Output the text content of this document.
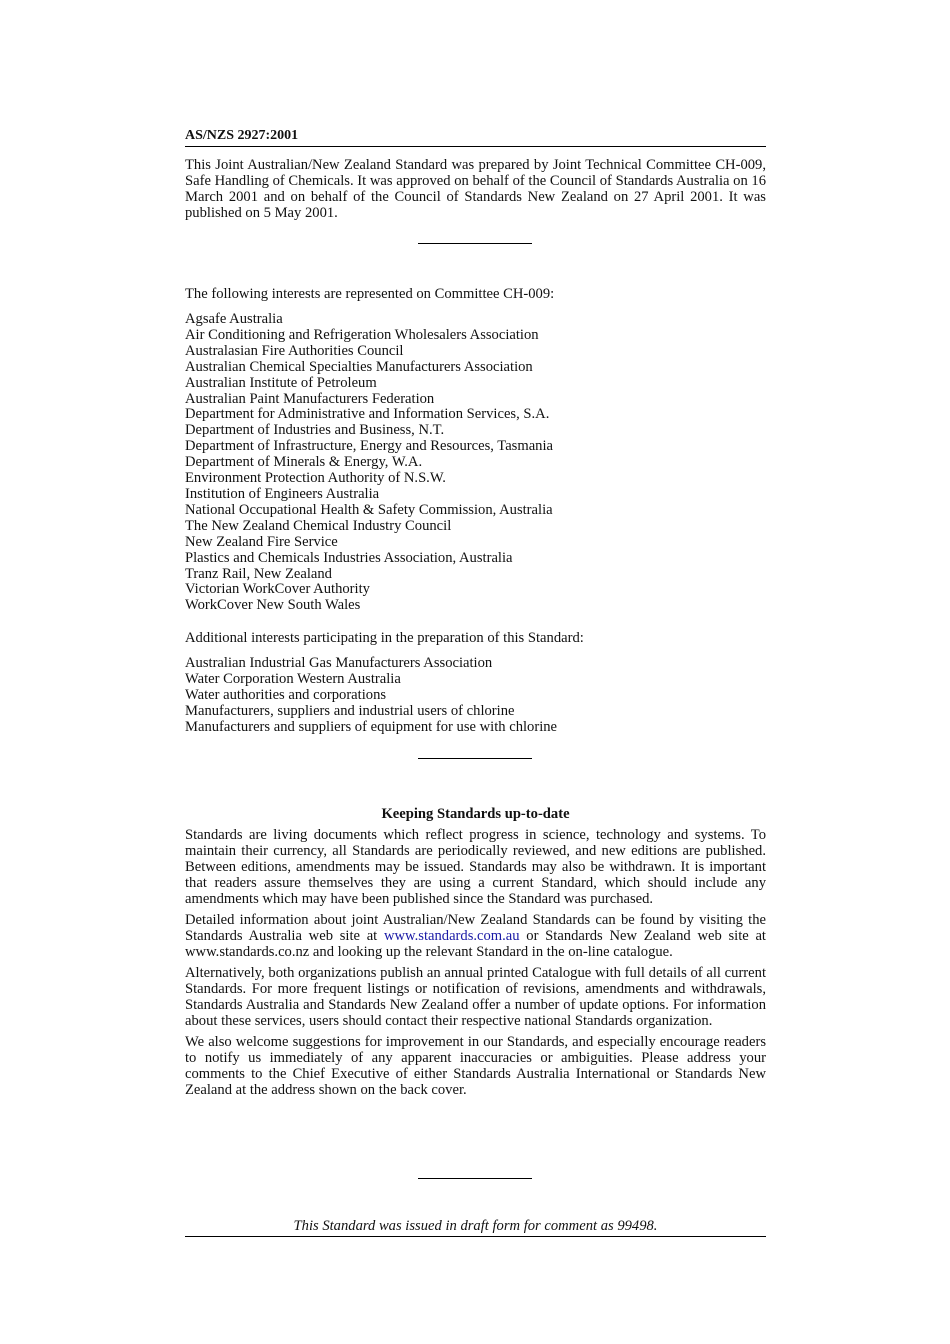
AS/NZS 2927:2001

This Joint Australian/New Zealand Standard was prepared by Joint Technical Committee CH-009, Safe Handling of Chemicals. It was approved on behalf of the Council of Standards Australia on 16 March 2001 and on behalf of the Council of Standards New Zealand on 27 April 2001. It was published on 5 May 2001.

The following interests are represented on Committee CH-009:
Agsafe Australia
Air Conditioning and Refrigeration Wholesalers Association
Australasian Fire Authorities Council
Australian Chemical Specialties Manufacturers Association
Australian Institute of Petroleum
Australian Paint Manufacturers Federation
Department for Administrative and Information Services, S.A.
Department of Industries and Business, N.T.
Department of Infrastructure, Energy and Resources, Tasmania
Department of Minerals & Energy, W.A.
Environment Protection Authority of N.S.W.
Institution of Engineers Australia
National Occupational Health & Safety Commission, Australia
The New Zealand Chemical Industry Council
New Zealand Fire Service
Plastics and Chemicals Industries Association, Australia
Tranz Rail, New Zealand
Victorian WorkCover Authority
WorkCover New South Wales
Additional interests participating in the preparation of this Standard:
Australian Industrial Gas Manufacturers Association
Water Corporation Western Australia
Water authorities and corporations
Manufacturers, suppliers and industrial users of chlorine
Manufacturers and suppliers of equipment for use with chlorine
Keeping Standards up-to-date

Standards are living documents which reflect progress in science, technology and systems. To maintain their currency, all Standards are periodically reviewed, and new editions are published. Between editions, amendments may be issued. Standards may also be withdrawn. It is important that readers assure themselves they are using a current Standard, which should include any amendments which may have been published since the Standard was purchased.

Detailed information about joint Australian/New Zealand Standards can be found by visiting the Standards Australia web site at www.standards.com.au or Standards New Zealand web site at www.standards.co.nz and looking up the relevant Standard in the on-line catalogue.

Alternatively, both organizations publish an annual printed Catalogue with full details of all current Standards. For more frequent listings or notification of revisions, amendments and withdrawals, Standards Australia and Standards New Zealand offer a number of update options. For information about these services, users should contact their respective national Standards organization.

We also welcome suggestions for improvement in our Standards, and especially encourage readers to notify us immediately of any apparent inaccuracies or ambiguities. Please address your comments to the Chief Executive of either Standards Australia International or Standards New Zealand at the address shown on the back cover.

This Standard was issued in draft form for comment as 99498.
